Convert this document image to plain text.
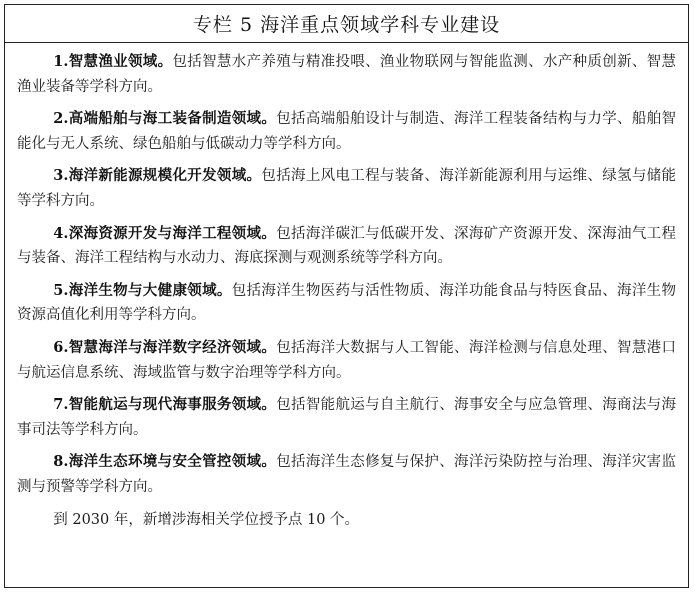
专栏 5 海洋重点领域学科专业建设

1.智慧渔业领域。包括智慧水产养殖与精准投喂、渔业物联网与智能监测、水产种质创新、智慧渔业装备等学科方向。

2.高端船舶与海工装备制造领域。包括高端船舶设计与制造、海洋工程装备结构与力学、船舶智能化与无人系统、绿色船舶与低碳动力等学科方向。

3.海洋新能源规模化开发领域。包括海上风电工程与装备、海洋新能源利用与运维、绿氢与储能等学科方向。

4.深海资源开发与海洋工程领域。包括海洋碳汇与低碳开发、深海矿产资源开发、深海油气工程与装备、海洋工程结构与水动力、海底探测与观测系统等学科方向。

5.海洋生物与大健康领域。包括海洋生物医药与活性物质、海洋功能食品与特医食品、海洋生物资源高值化利用等学科方向。

6.智慧海洋与海洋数字经济领域。包括海洋大数据与人工智能、海洋检测与信息处理、智慧港口与航运信息系统、海域监管与数字治理等学科方向。

7.智能航运与现代海事服务领域。包括智能航运与自主航行、海事安全与应急管理、海商法与海事司法等学科方向。

8.海洋生态环境与安全管控领域。包括海洋生态修复与保护、海洋污染防控与治理、海洋灾害监测与预警等学科方向。

到 2030 年，新增涉海相关学位授予点 10 个。
